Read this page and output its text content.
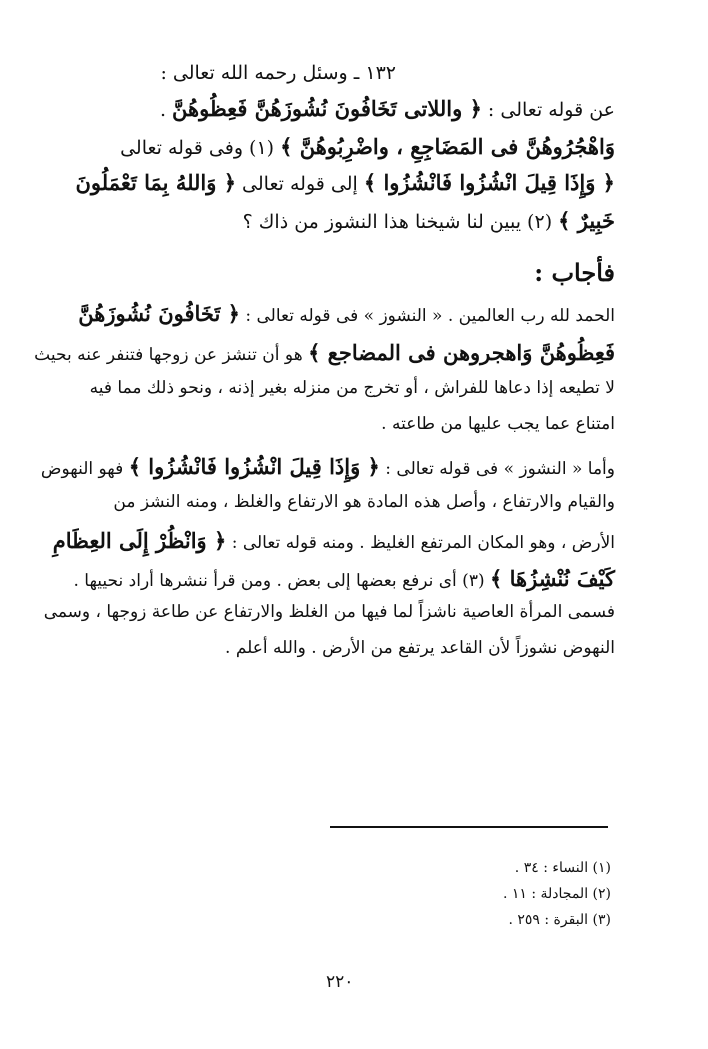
١٣٢ ـ وسئل رحمه الله تعالى :
عن قوله تعالى : ﴿ واللاتى تَخَافُونَ نُشُوزَهُنَّ فَعِظُوهُنَّ .
وَاهْجُرُوهُنَّ فى المَضَاجِعِ ، واضْرِبُوهُنَّ ﴾ (١) وفى قوله تعالى
﴿ وَإِذَا قِيلَ انْشُزُوا فَانْشُزُوا ﴾ إلى قوله تعالى ﴿ وَاللهُ بِمَا تَعْمَلُونَ
خَبِيرٌ ﴾ (٢) يبين لنا شيخنا هذا النشوز من ذاك ؟
فأجاب :
الحمد لله رب العالمين . « النشوز » فى قوله تعالى : ﴿ تَخَافُونَ نُشُوزَهُنَّ
فَعِظُوهُنَّ وَاهجروهن فى المضاجع ﴾ هو أن تنشز عن زوجها فتنفر عنه بحيث
لا تطيعه إذا دعاها للفراش ، أو تخرج من منزله بغير إذنه ، ونحو ذلك مما فيه
امتناع عما يجب عليها من طاعته .
وأما « النشوز » فى قوله تعالى : ﴿ وَإِذَا قِيلَ انْشُزُوا فَانْشُزُوا ﴾ فهو النهوض
والقيام والارتفاع ، وأصل هذه المادة هو الارتفاع والغلظ ، ومنه النشز من
الأرض ، وهو المكان المرتفع الغليظ . ومنه قوله تعالى : ﴿ وَانْظُرْ إِلَى العِظَامِ
كَيْفَ نُنْشِزُهَا ﴾ (٣) أى نرفع بعضها إلى بعض . ومن قرأ ننشرها أراد نحييها .
فسمى المرأة العاصية ناشزاً لما فيها من الغلظ والارتفاع عن طاعة زوجها ، وسمى
النهوض نشوزاً لأن القاعد يرتفع من الأرض . والله أعلم .
(١) النساء : ٣٤ .
(٢) المجادلة : ١١ .
(٣) البقرة : ٢٥٩ .
٢٢٠
